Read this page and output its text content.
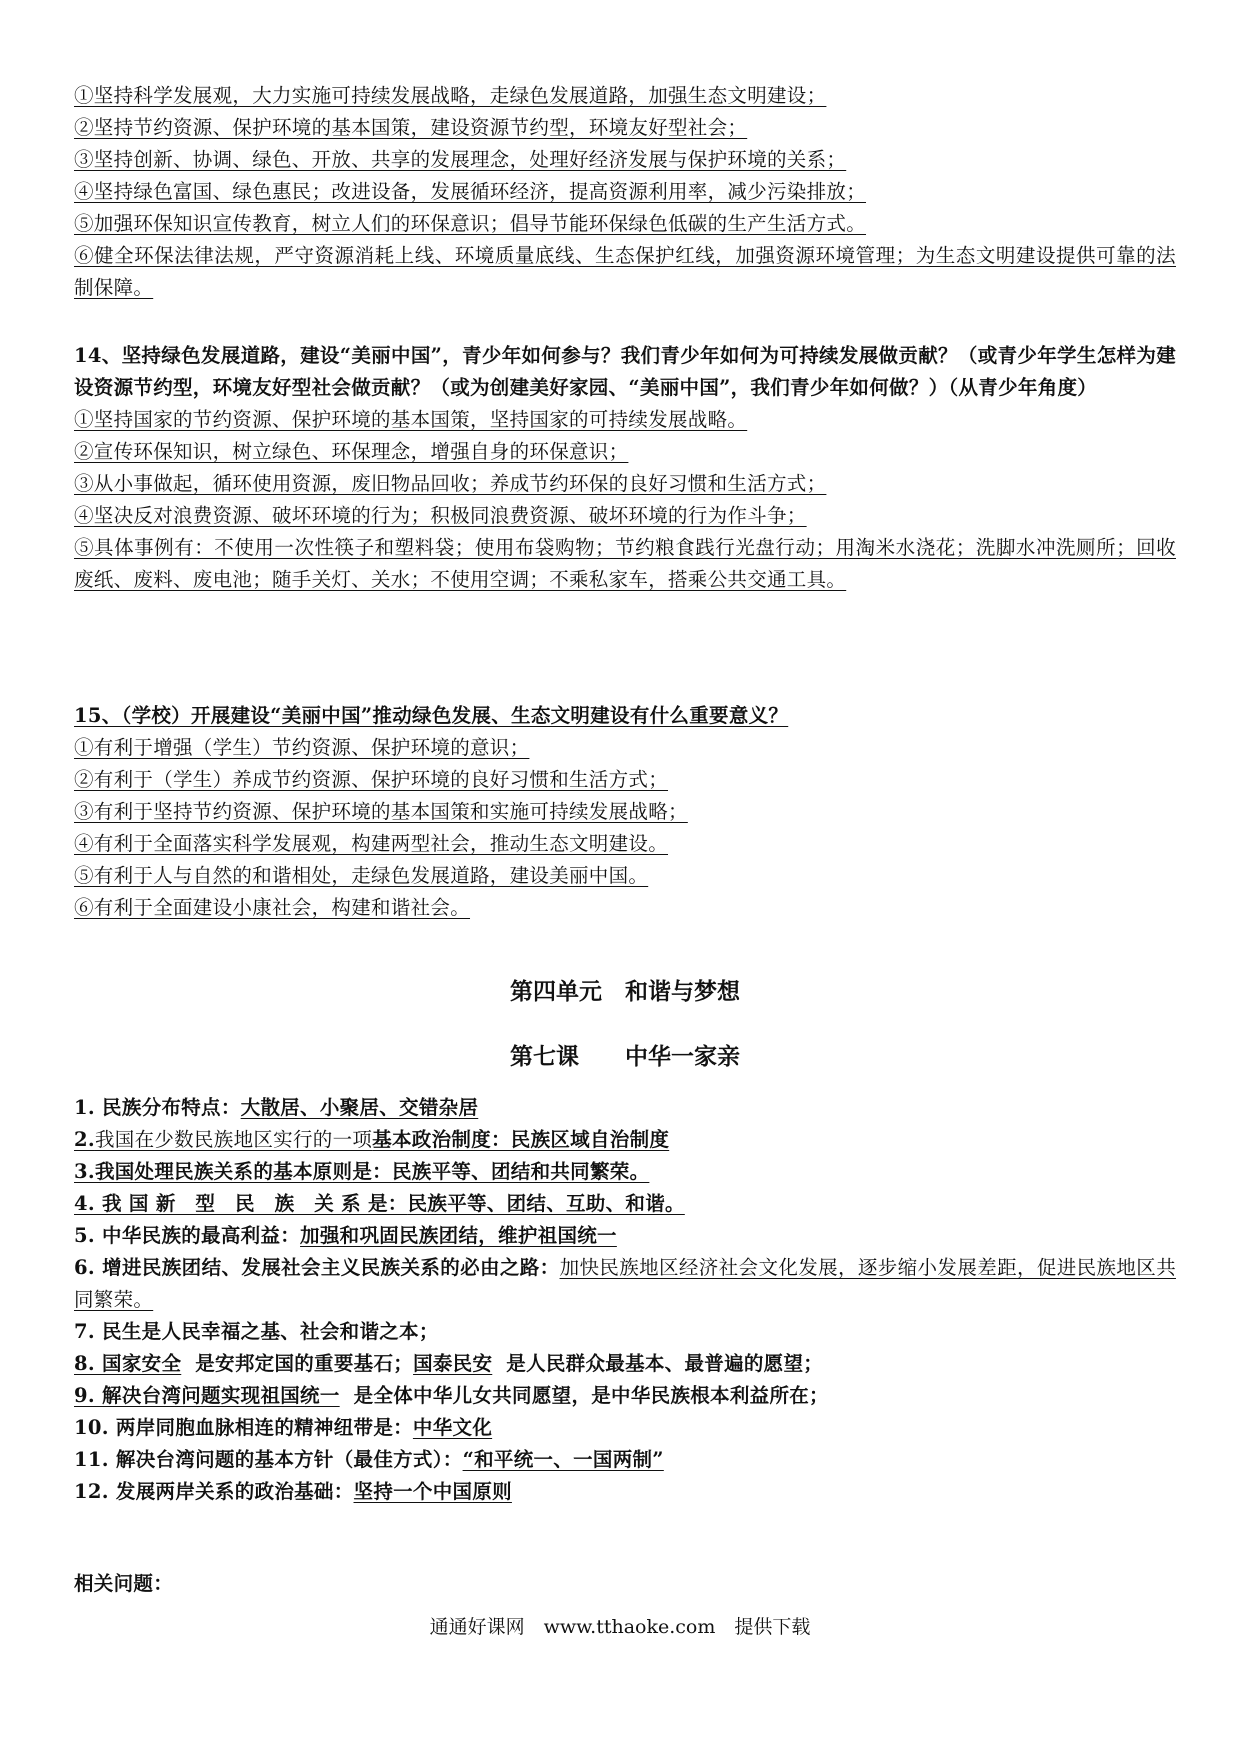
①坚持科学发展观，大力实施可持续发展战略，走绿色发展道路，加强生态文明建设；
②坚持节约资源、保护环境的基本国策，建设资源节约型，环境友好型社会；
③坚持创新、协调、绿色、开放、共享的发展理念，处理好经济发展与保护环境的关系；
④坚持绿色富国、绿色惠民；改进设备，发展循环经济，提高资源利用率，减少污染排放；
⑤加强环保知识宣传教育，树立人们的环保意识；倡导节能环保绿色低碳的生产生活方式。
⑥健全环保法律法规，严守资源消耗上线、环境质量底线、生态保护红线，加强资源环境管理；为生态文明建设提供可靠的法制保障。
14、坚持绿色发展道路，建设“美丽中国”，青少年如何参与？我们青少年如何为可持续发展做贡献？（或青少年学生怎样为建设资源节约型，环境友好型社会做贡献？（或为创建美好家园、“美丽中国”，我们青少年如何做？）（从青少年角度）
①坚持国家的节约资源、保护环境的基本国策，坚持国家的可持续发展战略。
②宣传环保知识，树立绿色、环保理念，增强自身的环保意识；
③从小事做起，循环使用资源，废旧物品回收；养成节约环保的良好习惯和生活方式；
④坚决反对浪费资源、破坏环境的行为；积极同浪费资源、破坏环境的行为作斗争；
⑤具体事例有：不使用一次性筷子和塑料袋；使用布袋购物；节约粮食践行光盘行动；用淘米水浇花；洗脚水冲洗厕所；回收废纸、废料、废电池；随手关灯、关水；不使用空调；不乘私家车，搭乘公共交通工具。
15、（学校）开展建设“美丽中国”推动绿色发展、生态文明建设有什么重要意义？
①有利于增强（学生）节约资源、保护环境的意识；
②有利于（学生）养成节约资源、保护环境的良好习惯和生活方式；
③有利于坚持节约资源、保护环境的基本国策和实施可持续发展战略；
④有利于全面落实科学发展观，构建两型社会，推动生态文明建设。
⑤有利于人与自然的和谐相处，走绿色发展道路，建设美丽中国。
⑥有利于全面建设小康社会，构建和谐社会。
第四单元　和谐与梦想
第七课　　中华一家亲
1. 民族分布特点：大散居、小聚居、交错杂居
2.我国在少数民族地区实行的一项基本政治制度：民族区域自治制度
3.我国处理民族关系的基本原则是：民族平等、团结和共同繁荣。
4. 我 国 新　型　民　族　关 系 是：民族平等、团结、互助、和谐。
5. 中华民族的最高利益：加强和巩固民族团结，维护祖国统一
6. 增进民族团结、发展社会主义民族关系的必由之路：加快民族地区经济社会文化发展，逐步缩小发展差距，促进民族地区共同繁荣。
7. 民生是人民幸福之基、社会和谐之本；
8. 国家安全 是安邦定国的重要基石；国泰民安 是人民群众最基本、最普遍的愿望；
9. 解决台湾问题实现祖国统一 是全体中华儿女共同愿望，是中华民族根本利益所在；
10. 两岸同胞血脉相连的精神纽带是：中华文化
11. 解决台湾问题的基本方针（最佳方式）：“和平统一、一国两制”
12. 发展两岸关系的政治基础：坚持一个中国原则
相关问题：
通通好课网　www.tthaoke.com　提供下载
